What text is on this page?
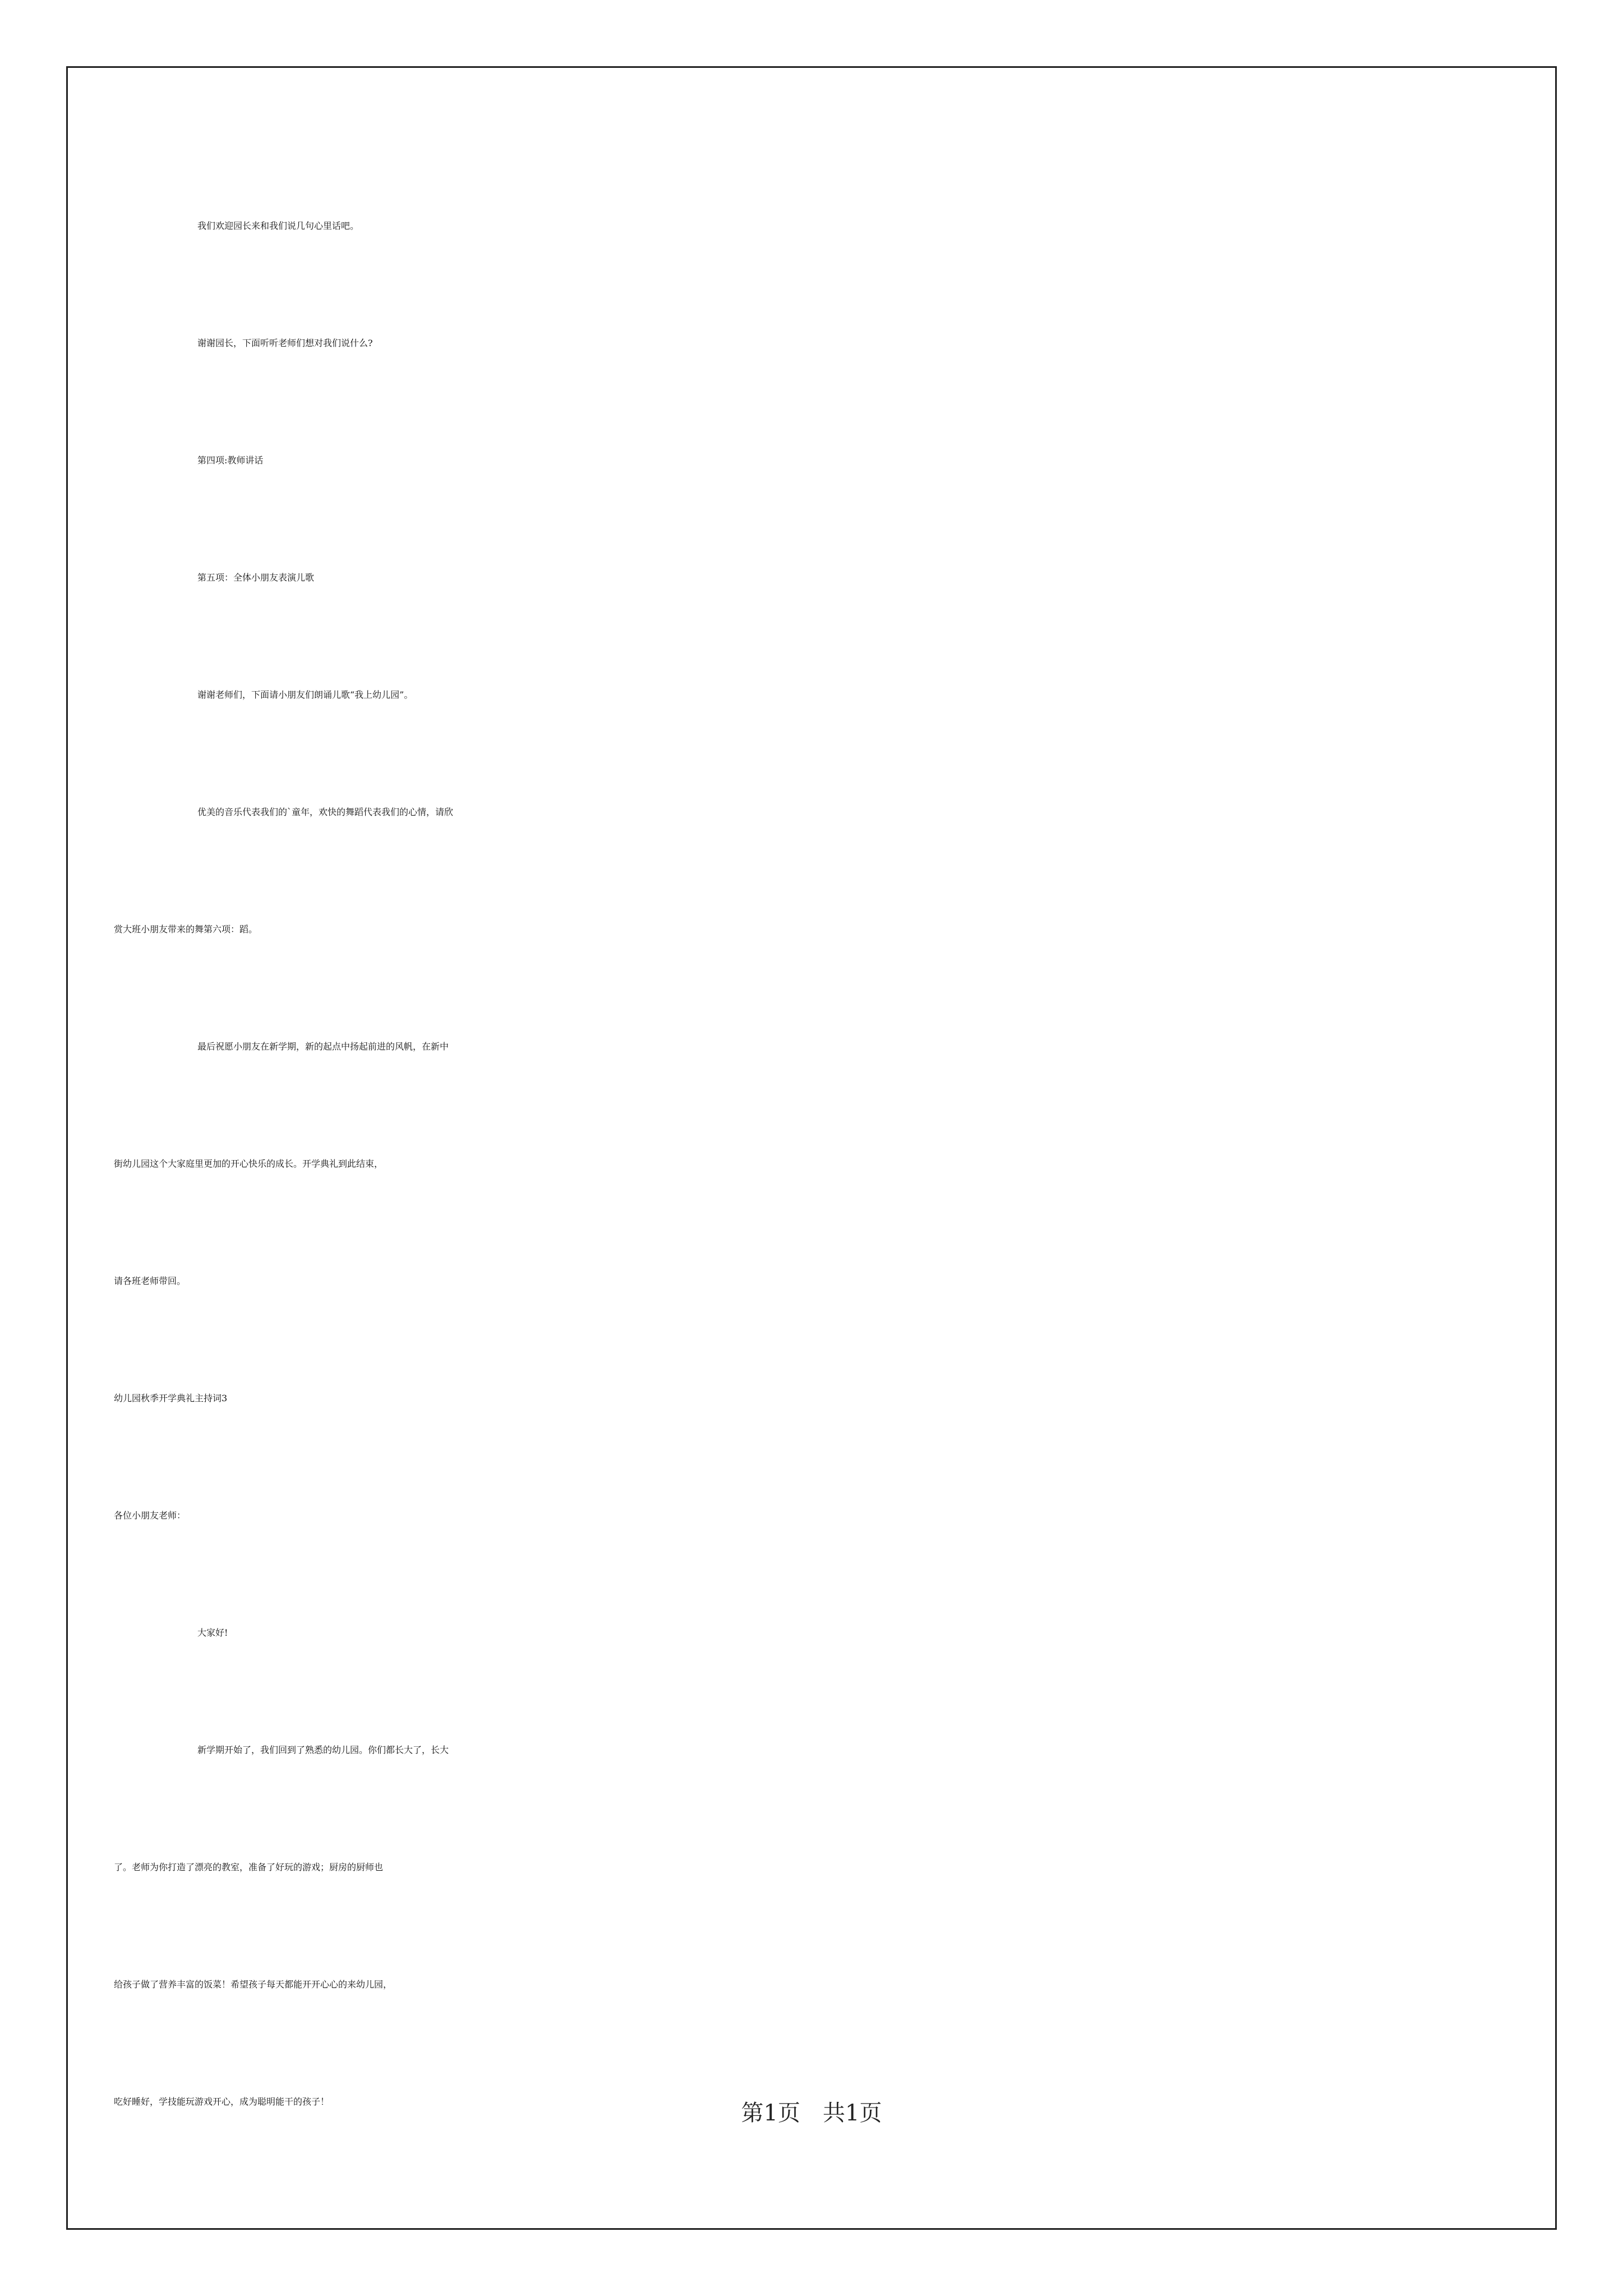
我们欢迎园长来和我们说几句心里话吧。
谢谢园长，下面听听老师们想对我们说什么?
第四项:教师讲话
第五项：全体小朋友表演儿歌
谢谢老师们，下面请小朋友们朗诵儿歌“我上幼儿园”。
优美的音乐代表我们的`童年，欢快的舞蹈代表我们的心情，请欣
赏大班小朋友带来的舞第六项：蹈。
最后祝愿小朋友在新学期，新的起点中扬起前进的风帆，在新中
街幼儿园这个大家庭里更加的开心快乐的成长。开学典礼到此结束，
请各班老师带回。
幼儿园秋季开学典礼主持词3
各位小朋友老师：
大家好!
新学期开始了，我们回到了熟悉的幼儿园。你们都长大了，长大
了。老师为你打造了漂亮的教室，准备了好玩的游戏；厨房的厨师也
给孩子做了营养丰富的饭菜！希望孩子每天都能开开心心的来幼儿园，
吃好睡好，学技能玩游戏开心，成为聪明能干的孩子！	第1页　共1页
